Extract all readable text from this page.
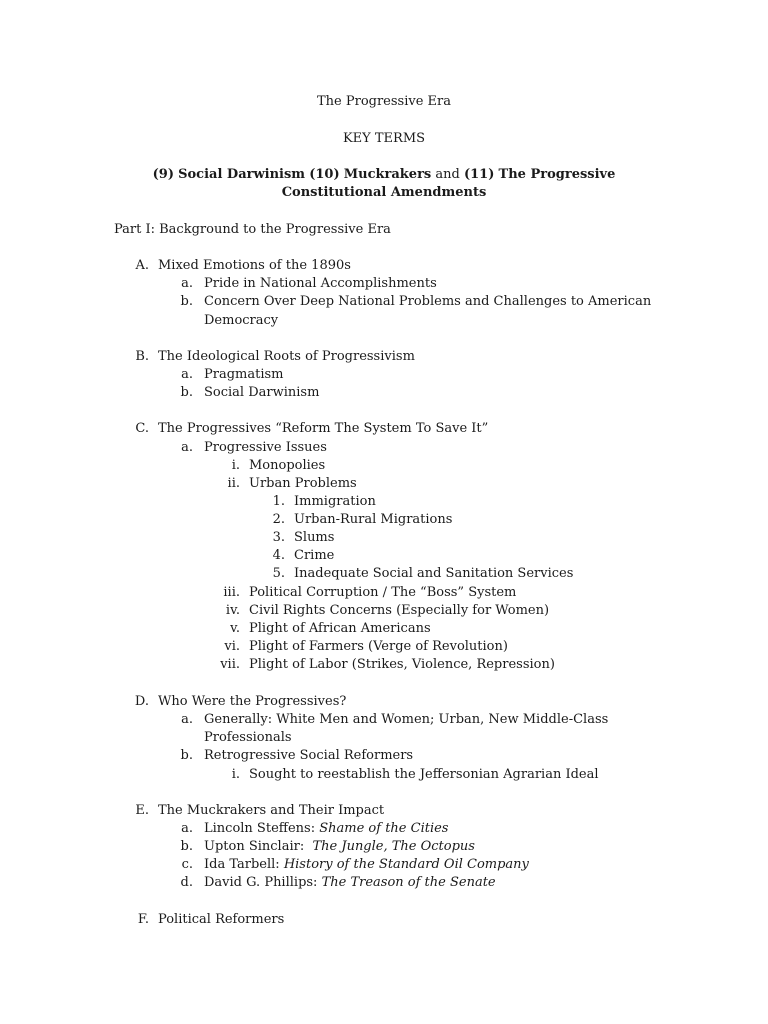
The Progressive Era
KEY TERMS
(9) Social Darwinism (10) Muckrakers and (11) The Progressive
Constitutional Amendments
Part I: Background to the Progressive Era
A. Mixed Emotions of the 1890s
a. Pride in National Accomplishments
b. Concern Over Deep National Problems and Challenges to American
Democracy
B. The Ideological Roots of Progressivism
a. Pragmatism
b. Social Darwinism
C. The Progressives “Reform The System To Save It”
a. Progressive Issues
i. Monopolies
ii. Urban Problems
1. Immigration
2. Urban-Rural Migrations
3. Slums
4. Crime
5. Inadequate Social and Sanitation Services
iii. Political Corruption / The “Boss” System
iv. Civil Rights Concerns (Especially for Women)
v. Plight of African Americans
vi. Plight of Farmers (Verge of Revolution)
vii. Plight of Labor (Strikes, Violence, Repression)
D. Who Were the Progressives?
a. Generally: White Men and Women; Urban, New Middle-Class
Professionals
b. Retrogressive Social Reformers
i. Sought to reestablish the Jeffersonian Agrarian Ideal
E. The Muckrakers and Their Impact
a. Lincoln Steffens: Shame of the Cities
b. Upton Sinclair:  The Jungle, The Octopus
c. Ida Tarbell: History of the Standard Oil Company
d. David G. Phillips: The Treason of the Senate
F. Political Reformers
